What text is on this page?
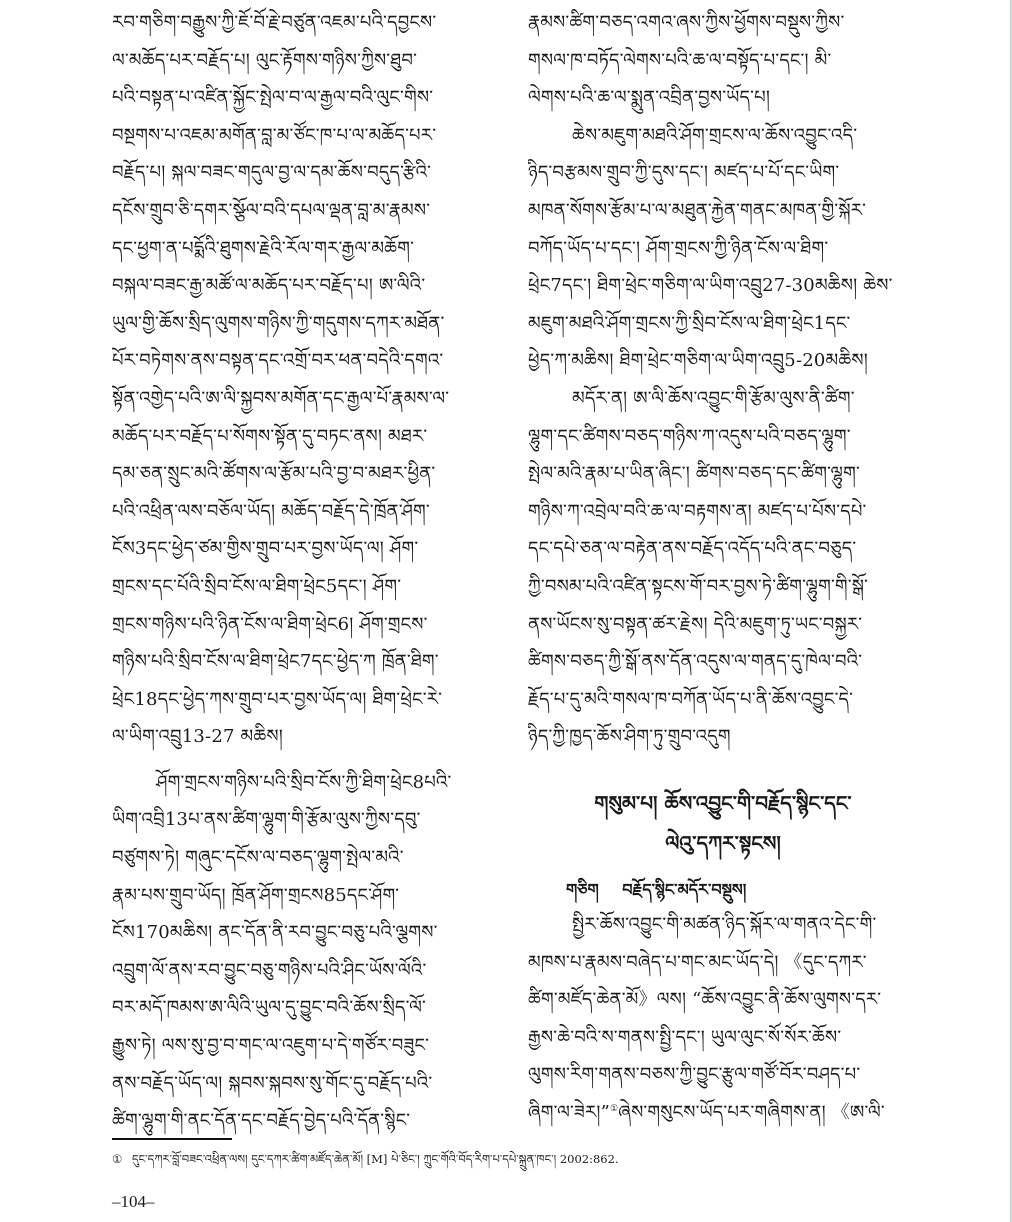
རབ་གཅིག་བརྒྱུས་ཀྱི་ཇོ་བོ་རྗེ་བཙུན་འཇམ་པའི་དབྱངས་
ལ་མཆོད་པར་བརྗོད་པ། ལུང་རྟོགས་གཉིས་ཀྱིས་ཐུབ་
པའི་བསྟན་པ་འཛིན་སྐྱོང་སྤེལ་བ་ལ་རྒྱལ་བའི་ལུང་གིས་
བསྔགས་པ་འཇམ་མགོན་བླ་མ་ཙོང་ཁ་པ་ལ་མཆོད་པར་
བརྗོད་པ། སྐལ་བཟང་གདུལ་བྱ་ལ་དམ་ཆོས་བདུད་རྩིའི་
དངོས་གྲུབ་ཅི་དགར་སྩོལ་བའི་དཔལ་ལྡན་བླ་མ་རྣམས་
དང་ཕྱག་ན་པདྨོའི་ཐུགས་རྗེའི་རོལ་གར་རྒྱལ་མཆོག་
བསྐལ་བཟང་རྒྱ་མཚོ་ལ་མཆོད་པར་བརྗོད་པ། ཨ་ལིའི་
ཡུལ་གྱི་ཆོས་སྲིད་ལུགས་གཉིས་ཀྱི་གདུགས་དཀར་མཐོན་
པོར་བཏེགས་ནས་བསྟན་དང་འགྲོ་བར་ཕན་བདེའི་དགའ་
སྟོན་འགྱེད་པའི་ཨ་ལི་སྐྱབས་མགོན་དང་རྒྱལ་པོ་རྣམས་ལ་
མཆོད་པར་བརྗོད་པ་སོགས་སྟོན་དུ་བཏང་ནས། མཐར་
དམ་ཅན་སྲུང་མའི་ཚོགས་ལ་རྩོམ་པའི་བྱ་བ་མཐར་ཕྱིན་
པའི་འཕྲིན་ལས་བཅོལ་ཡོད། མཆོད་བརྗོད་དེ་ཁྲོན་ཤོག་
ངོས3དང་ཕྱེད་ཙམ་གྱིས་གྲུབ་པར་བྱས་ཡོད་ལ། ཤོག་
གྲངས་དང་པོའི་སྲིབ་ངོས་ལ་ཐིག་ཕྲེང5དང་། ཤོག་
གྲངས་གཉིས་པའི་ཉིན་ངོས་ལ་ཐིག་ཕྲེང6། ཤོག་གྲངས་
གཉིས་པའི་སྲིབ་ངོས་ལ་ཐིག་ཕྲེང7དང་ཕྱེད་ཀ ཁྲོན་ཐིག་
ཕྲེང18དང་ཕྱེད་ཀས་གྲུབ་པར་བྱས་ཡོད་ལ། ཐིག་ཕྲེང་རེ་
ལ་ཡིག་འབྲུ13-27 མཆིས།
ཤོག་གྲངས་གཉིས་པའི་སྲིབ་ངོས་ཀྱི་ཐིག་ཕྲེང8པའི་
ཡིག་འབྲི13པ་ནས་ཚིག་ལྷུག་གི་རྩོམ་ལུས་ཀྱིས་དབུ་
བཙུགས་ཏེ། གཞུང་དངོས་ལ་བཅད་ལྷུག་སྤེལ་མའི་
རྣམ་པས་གྲུབ་ཡོད། ཁྲོན་ཤོག་གྲངས85དང་ཤོག་
ངོས170མཆིས། ནང་དོན་ནི་རབ་བྱུང་བཅུ་པའི་ལྕགས་
འབྲུག་ལོ་ནས་རབ་བྱུང་བཅུ་གཉིས་པའི་ཤིང་ཡོས་ལོའི་
བར་མདོ་ཁམས་ཨ་ལིའི་ཡུལ་དུ་བྱུང་བའི་ཆོས་སྲིད་ལོ་
རྒྱུས་ཏེ། ལས་སུ་བྱ་བ་གང་ལ་འཇུག་པ་དེ་གཙོར་བཟུང་
ནས་བརྗོད་ཡོད་ལ། སྐབས་སྐབས་སུ་གོང་དུ་བརྗོད་པའི་
ཚིག་ལྷུག་གི་ནང་དོན་དང་བརྗོད་བྱེད་པའི་དོན་སྙིང་
རྣམས་ཚིག་བཅད་འགའ་ཞས་ཀྱིས་ཕྱོགས་བསྡུས་ཀྱིས་
གསལ་ཁ་བཏོད་ལེགས་པའི་ཆ་ལ་བསྟོད་པ་དང་། མི་
ལེགས་པའི་ཆ་ལ་སྨུན་འབྲིན་བྱས་ཡོད་པ།
ཆེས་མཇུག་མཐའི་ཤོག་གྲངས་ལ་ཆོས་འབྱུང་འདི་
ཉིད་བརྩམས་གྲུབ་ཀྱི་དུས་དང་། མཛད་པ་པོ་དང་ཡིག་
མཁན་སོགས་རྩོམ་པ་ལ་མཐུན་རྐྱེན་གནང་མཁན་གྱི་སྐོར་
བཀོད་ཡོད་པ་དང་། ཤོག་གྲངས་ཀྱི་ཉིན་ངོས་ལ་ཐིག་
ཕྲེང7དང་། ཐིག་ཕྲེང་གཅིག་ལ་ཡིག་འབྲུ27-30མཆིས། ཆེས་
མཇུག་མཐའི་ཤོག་གྲངས་ཀྱི་སྲིབ་ངོས་ལ་ཐིག་ཕྲེང1དང་
ཕྱེད་ཀ་མཆིས། ཐིག་ཕྲེང་གཅིག་ལ་ཡིག་འབྲུ5-20མཆིས།
མདོར་ན། ཨ་ལི་ཆོས་འབྱུང་གི་རྩོམ་ལུས་ནི་ཚིག་
ལྷུག་དང་ཚིགས་བཅད་གཉིས་ཀ་འདུས་པའི་བཅད་ལྷུག་
སྤེལ་མའི་རྣམ་པ་ཡིན་ཞིང་། ཚིགས་བཅད་དང་ཚིག་ལྷུག་
གཉིས་ཀ་འབྲེལ་བའི་ཆ་ལ་བརྟགས་ན། མཛད་པ་པོས་དཔེ་
དང་དཔེ་ཅན་ལ་བརྟེན་ནས་བརྗོད་འདོད་པའི་ནང་བཅུད་
ཀྱི་བསམ་པའི་འཛིན་སྟངས་གོ་བར་བྱས་ཏེ་ཚིག་ལྷུག་གི་སྒོ་
ནས་ཡོངས་སུ་བསྟན་ཚར་རྗེས། དེའི་མཇུག་ཏུ་ཡང་བསྐྱར་
ཚིགས་བཅད་ཀྱི་སྒོ་ནས་དོན་འདུས་ལ་གནད་དུ་ཁེལ་བའི་
རྗོད་པ་དུ་མའི་གསལ་ཁ་བཀོན་ཡོད་པ་ནི་ཆོས་འབྱུང་དེ་
ཉིད་ཀྱི་ཁྱད་ཆོས་ཤིག་ཏུ་གྲུབ་འདུག
གསུམ་པ། ཆོས་འབྱུང་གི་བརྗོད་སྙིང་དང་
ལེའུ་དཀར་སྟངས།
གཅིག བརྗོད་སྙིང་མདོར་བསྡུས།
སྤྱིར་ཆོས་འབྱུང་གི་མཚན་ཉིད་སྐོར་ལ་གནའ་དེང་གི་
མཁས་པ་རྣམས་བཞེད་པ་གང་མང་ཡོད་དེ། 《དུང་དཀར་
ཚིག་མཛོད་ཆེན་མོ》ལས། “ཆོས་འབྱུང་ནི་ཆོས་ལུགས་དར་
རྒྱས་ཆེ་བའི་ས་གནས་སྤྱི་དང་། ཡུལ་ལུང་སོ་སོར་ཆོས་
ལུགས་རིག་གནས་བཅས་ཀྱི་བྱུང་རྩུལ་གཙོ་བོར་བཤད་པ་
ཞིག་ལ་ཟེར།”①ཞེས་གསུངས་ཡོད་པར་གཞིགས་ན། 《ཨ་ལི་
① དུང་དཀར་བློ་བཟང་འཕྲིན་ལས། དུང་དཀར་ཚིག་མཛོད་ཆེན་མོ། [M] པེ་ཅིང་། ཀྲུང་གོའི་བོད་རིག་པ་དཔེ་སྐྲུན་ཁང་། 2002:862.
–104–
